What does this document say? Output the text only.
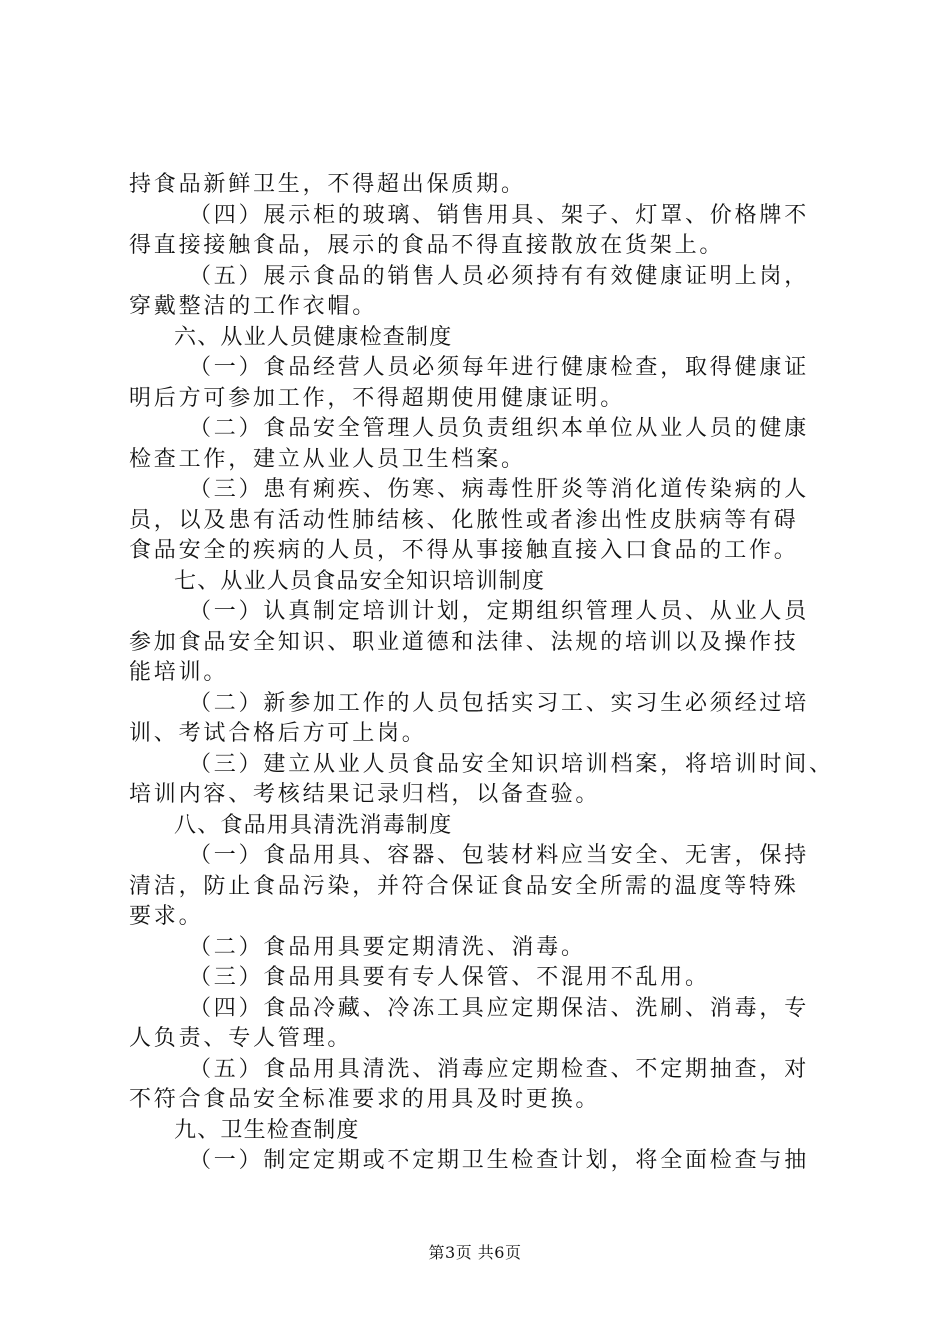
持食品新鲜卫生，不得超出保质期。
（四）展示柜的玻璃、销售用具、架子、灯罩、价格牌不
得直接接触食品，展示的食品不得直接散放在货架上。
（五）展示食品的销售人员必须持有有效健康证明上岗，
穿戴整洁的工作衣帽。
六、从业人员健康检查制度
（一）食品经营人员必须每年进行健康检查，取得健康证
明后方可参加工作，不得超期使用健康证明。
（二）食品安全管理人员负责组织本单位从业人员的健康
检查工作，建立从业人员卫生档案。
（三）患有痢疾、伤寒、病毒性肝炎等消化道传染病的人
员，以及患有活动性肺结核、化脓性或者渗出性皮肤病等有碍
食品安全的疾病的人员，不得从事接触直接入口食品的工作。
七、从业人员食品安全知识培训制度
（一）认真制定培训计划，定期组织管理人员、从业人员
参加食品安全知识、职业道德和法律、法规的培训以及操作技
能培训。
（二）新参加工作的人员包括实习工、实习生必须经过培
训、考试合格后方可上岗。
（三）建立从业人员食品安全知识培训档案，将培训时间、
培训内容、考核结果记录归档，以备查验。
八、食品用具清洗消毒制度
（一）食品用具、容器、包装材料应当安全、无害，保持
清洁，防止食品污染，并符合保证食品安全所需的温度等特殊
要求。
（二）食品用具要定期清洗、消毒。
（三）食品用具要有专人保管、不混用不乱用。
（四）食品冷藏、冷冻工具应定期保洁、洗刷、消毒，专
人负责、专人管理。
（五）食品用具清洗、消毒应定期检查、不定期抽查，对
不符合食品安全标准要求的用具及时更换。
九、卫生检查制度
（一）制定定期或不定期卫生检查计划，将全面检查与抽
第3页 共6页
